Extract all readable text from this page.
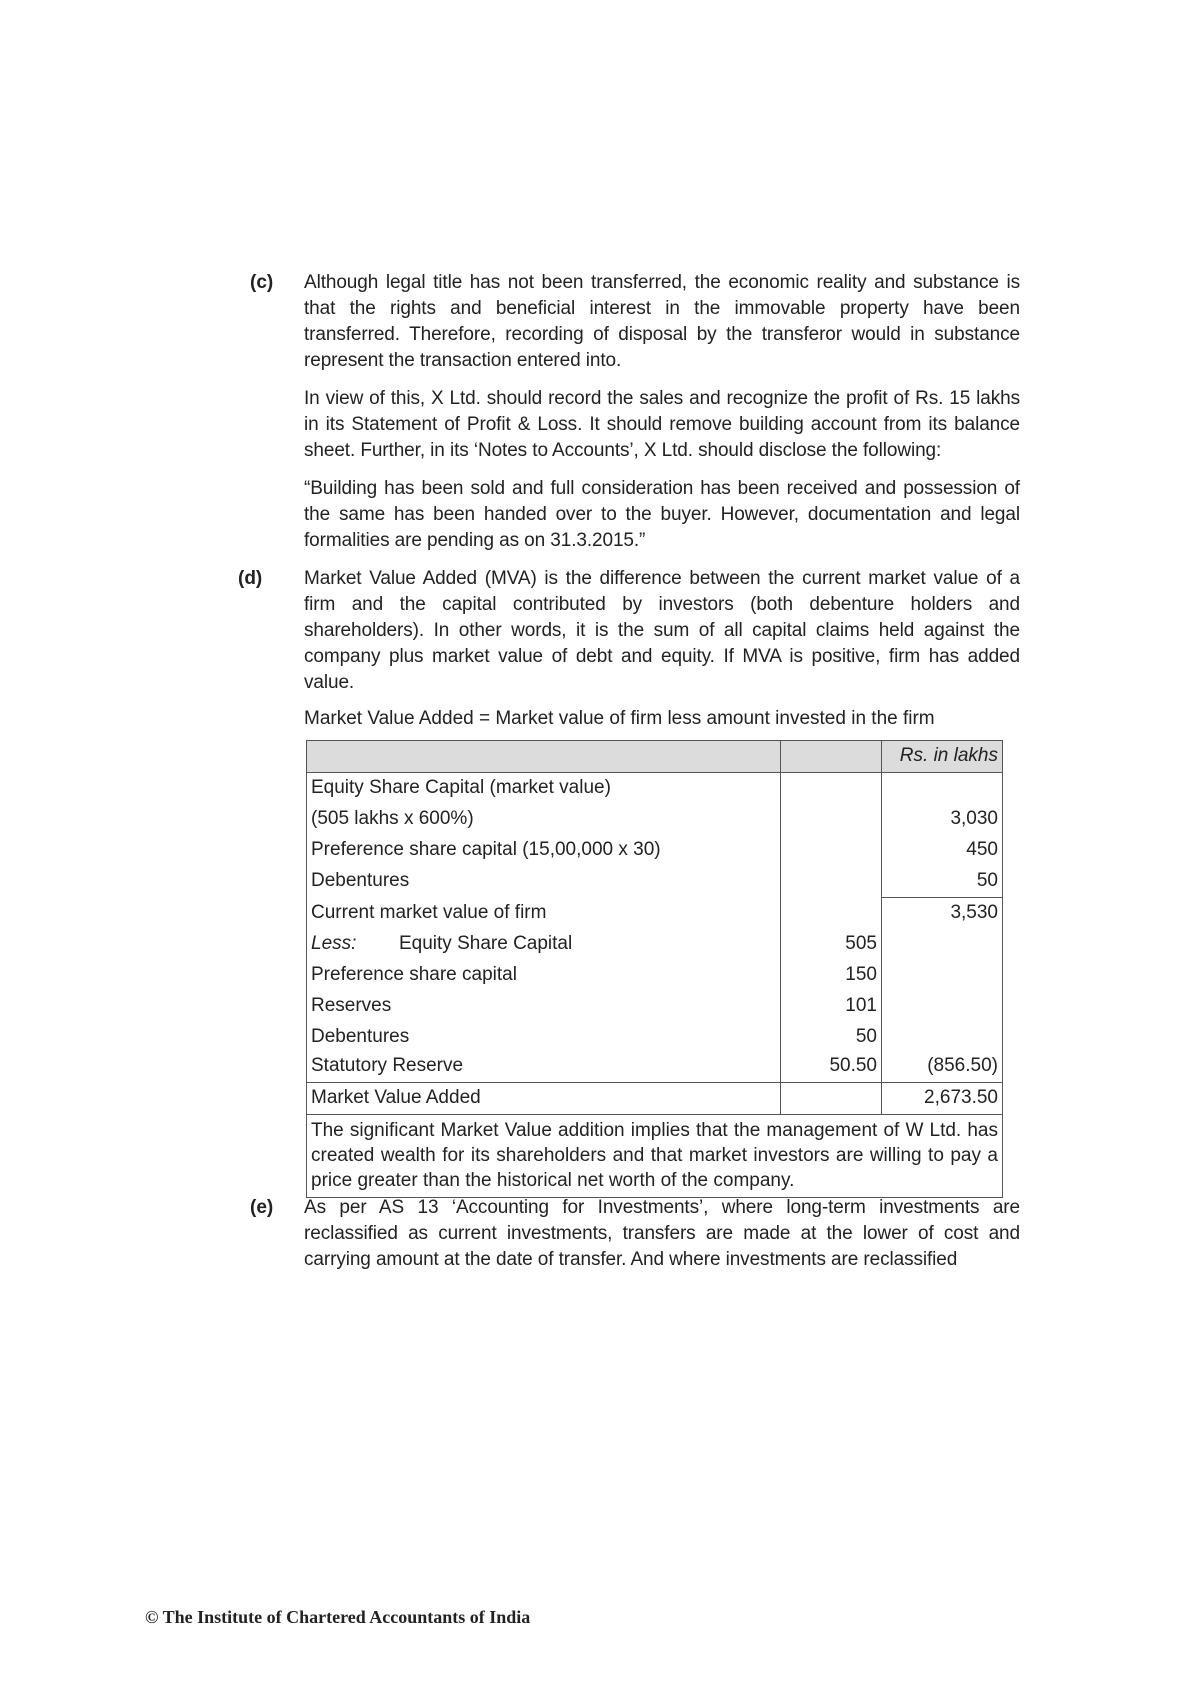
(c) Although legal title has not been transferred, the economic reality and substance is that the rights and beneficial interest in the immovable property have been transferred. Therefore, recording of disposal by the transferor would in substance represent the transaction entered into.

In view of this, X Ltd. should record the sales and recognize the profit of Rs. 15 lakhs in its Statement of Profit & Loss. It should remove building account from its balance sheet. Further, in its ‘Notes to Accounts’, X Ltd. should disclose the following:

“Building has been sold and full consideration has been received and possession of the same has been handed over to the buyer. However, documentation and legal formalities are pending as on 31.3.2015.”

(d) Market Value Added (MVA) is the difference between the current market value of a firm and the capital contributed by investors (both debenture holders and shareholders). In other words, it is the sum of all capital claims held against the company plus market value of debt and equity. If MVA is positive, firm has added value.

Market Value Added = Market value of firm less amount invested in the firm
		Rs. in lakhs
Equity Share Capital (market value)		
(505 lakhs x 600%)		3,030
Preference share capital (15,00,000 x 30)		450
Debentures		50
Current market value of firm		3,530

Less: Equity Share Capital	505	
Preference share capital	150	
Reserves	101	
Debentures	50	
Statutory Reserve	50.50	(856.50)
Market Value Added		2,673.50
The significant Market Value addition implies that the management of W Ltd. has created wealth for its shareholders and that market investors are willing to pay a price greater than the historical net worth of the company.		
(e) As per AS 13 ‘Accounting for Investments’, where long-term investments are reclassified as current investments, transfers are made at the lower of cost and carrying amount at the date of transfer. And where investments are reclassified

© The Institute of Chartered Accountants of India
